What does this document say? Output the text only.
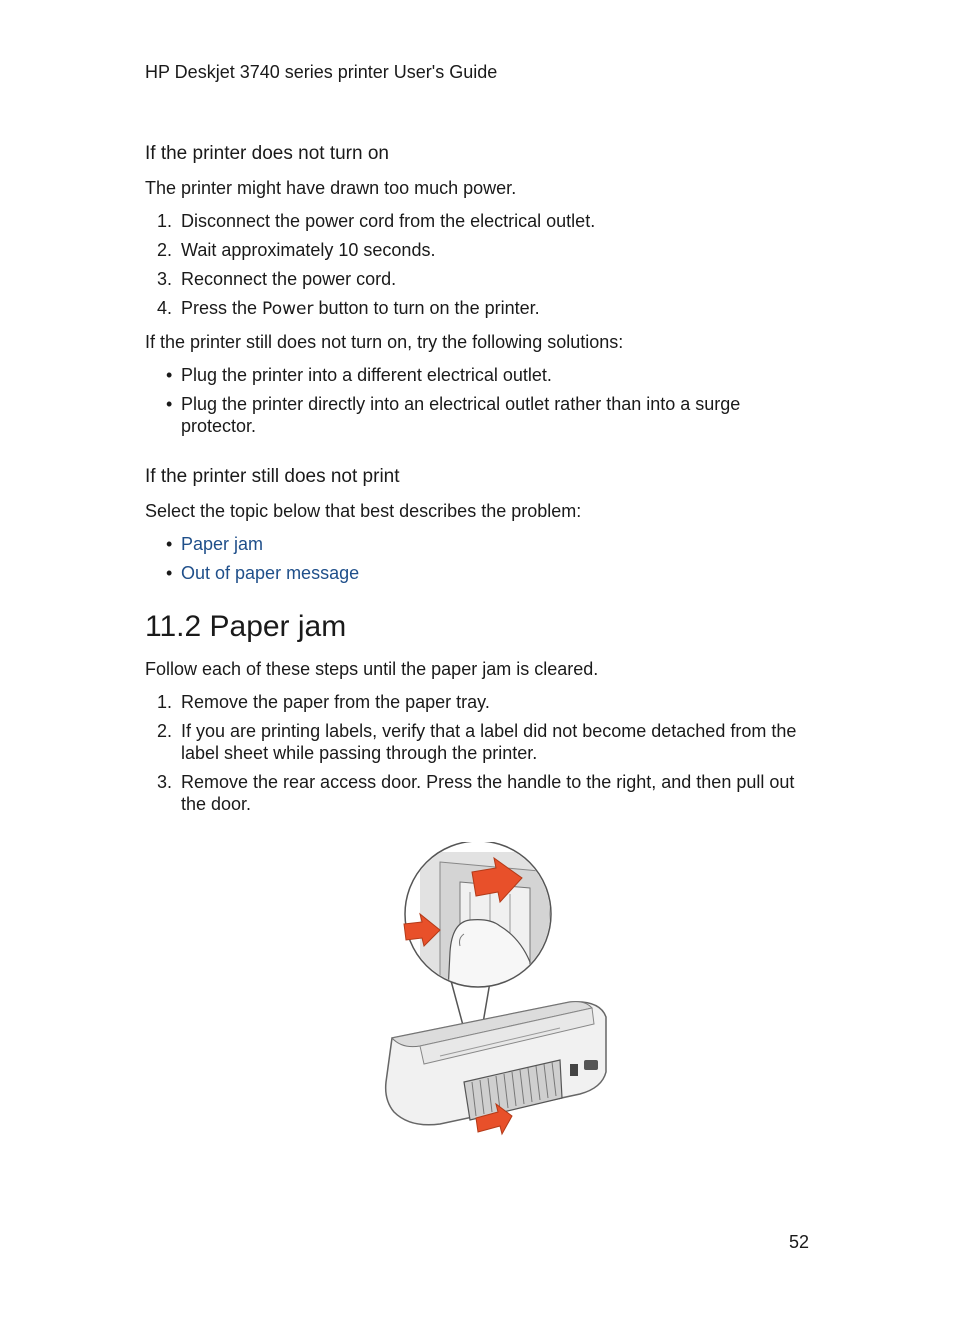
HP Deskjet 3740 series printer User's Guide
If the printer does not turn on

The printer might have drawn too much power.

1. Disconnect the power cord from the electrical outlet.
2. Wait approximately 10 seconds.
3. Reconnect the power cord.
4. Press the Power button to turn on the printer.

If the printer still does not turn on, try the following solutions:

• Plug the printer into a different electrical outlet.
• Plug the printer directly into an electrical outlet rather than into a surge protector.
If the printer still does not print

Select the topic below that best describes the problem:

• Paper jam
• Out of paper message
11.2 Paper jam

Follow each of these steps until the paper jam is cleared.

1. Remove the paper from the paper tray.
2. If you are printing labels, verify that a label did not become detached from the label sheet while passing through the printer.
3. Remove the rear access door. Press the handle to the right, and then pull out the door.
52
